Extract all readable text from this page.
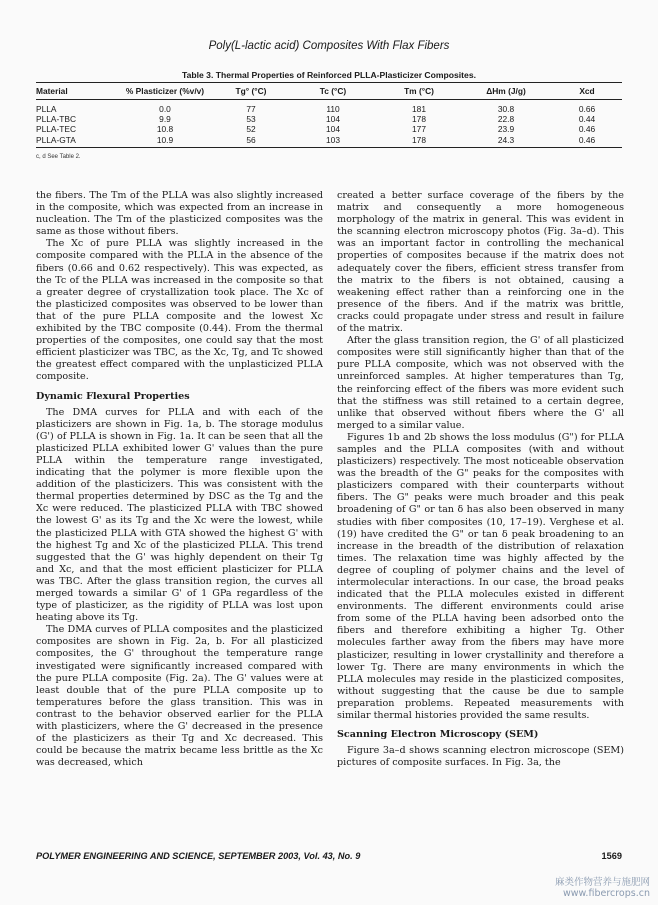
Poly(L-lactic acid) Composites With Flax Fibers
Table 3. Thermal Properties of Reinforced PLLA-Plasticizer Composites.
Material	% Plasticizer (%v/v)	Tg° (°C)	Tc (°C)	Tm (°C)	ΔHm (J/g)	Xcd
PLLA	0.0	77	110	181	30.8	0.66
PLLA-TBC	9.9	53	104	178	22.8	0.44
PLLA-TEC	10.8	52	104	177	23.9	0.46
PLLA-GTA	10.9	56	103	178	24.3	0.46
c, d See Table 2.

the fibers. The Tm of the PLLA was also slightly increased in the composite, which was expected from an increase in nucleation. The Tm of the plasticized composites was the same as those without fibers.

The Xc of pure PLLA was slightly increased in the composite compared with the PLLA in the absence of the fibers (0.66 and 0.62 respectively). This was expected, as the Tc of the PLLA was increased in the composite so that a greater degree of crystallization took place. The Xc of the plasticized composites was observed to be lower than that of the pure PLLA composite and the lowest Xc exhibited by the TBC composite (0.44). From the thermal properties of the composites, one could say that the most efficient plasticizer was TBC, as the Xc, Tg, and Tc showed the greatest effect compared with the unplasticized PLLA composite.

Dynamic Flexural Properties

The DMA curves for PLLA and with each of the plasticizers are shown in Fig. 1a, b. The storage modulus (G') of PLLA is shown in Fig. 1a. It can be seen that all the plasticized PLLA exhibited lower G' values than the pure PLLA within the temperature range investigated, indicating that the polymer is more flexible upon the addition of the plasticizers. This was consistent with the thermal properties determined by DSC as the Tg and the Xc were reduced. The plasticized PLLA with TBC showed the lowest G' as its Tg and the Xc were the lowest, while the plasticized PLLA with GTA showed the highest G' with the highest Tg and Xc of the plasticized PLLA. This trend suggested that the G' was highly dependent on their Tg and Xc, and that the most efficient plasticizer for PLLA was TBC. After the glass transition region, the curves all merged towards a similar G' of 1 GPa regardless of the type of plasticizer, as the rigidity of PLLA was lost upon heating above its Tg.

The DMA curves of PLLA composites and the plasticized composites are shown in Fig. 2a, b. For all plasticized composites, the G' throughout the temperature range investigated were significantly increased compared with the pure PLLA composite (Fig. 2a). The G' values were at least double that of the pure PLLA composite up to temperatures before the glass transition. This was in contrast to the behavior observed earlier for the PLLA with plasticizers, where the G' decreased in the presence of the plasticizers as their Tg and Xc decreased. This could be because the matrix became less brittle as the Xc was decreased, which

created a better surface coverage of the fibers by the matrix and consequently a more homogeneous morphology of the matrix in general. This was evident in the scanning electron microscopy photos (Fig. 3a–d). This was an important factor in controlling the mechanical properties of composites because if the matrix does not adequately cover the fibers, efficient stress transfer from the matrix to the fibers is not obtained, causing a weakening effect rather than a reinforcing one in the presence of the fibers. And if the matrix was brittle, cracks could propagate under stress and result in failure of the matrix.

After the glass transition region, the G' of all plasticized composites were still significantly higher than that of the pure PLLA composite, which was not observed with the unreinforced samples. At higher temperatures than Tg, the reinforcing effect of the fibers was more evident such that the stiffness was still retained to a certain degree, unlike that observed without fibers where the G' all merged to a similar value.

Figures 1b and 2b shows the loss modulus (G") for PLLA samples and the PLLA composites (with and without plasticizers) respectively. The most noticeable observation was the breadth of the G" peaks for the composites with plasticizers compared with their counterparts without fibers. The G" peaks were much broader and this peak broadening of G" or tan δ has also been observed in many studies with fiber composites (10, 17–19). Verghese et al. (19) have credited the G" or tan δ peak broadening to an increase in the breadth of the distribution of relaxation times. The relaxation time was highly affected by the degree of coupling of polymer chains and the level of intermolecular interactions. In our case, the broad peaks indicated that the PLLA molecules existed in different environments. The different environments could arise from some of the PLLA having been adsorbed onto the fibers and therefore exhibiting a higher Tg. Other molecules farther away from the fibers may have more plasticizer, resulting in lower crystallinity and therefore a lower Tg. There are many environments in which the PLLA molecules may reside in the plasticized composites, without suggesting that the cause be due to sample preparation problems. Repeated measurements with similar thermal histories provided the same results.

Scanning Electron Microscopy (SEM)

Figure 3a–d shows scanning electron microscope (SEM) pictures of composite surfaces. In Fig. 3a, the

POLYMER ENGINEERING AND SCIENCE, SEPTEMBER 2003, Vol. 43, No. 9	1569
麻类作物营养与施肥网
www.fibercrops.cn
